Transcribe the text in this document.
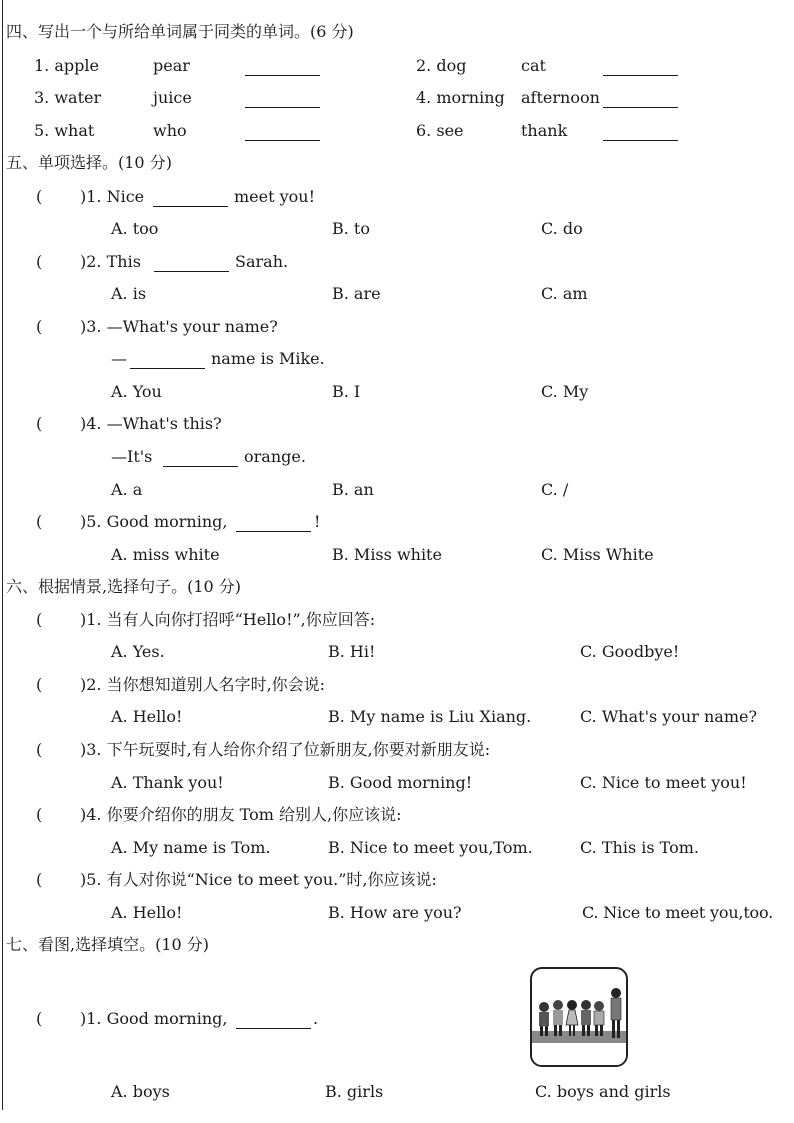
四、写出一个与所给单词属于同类的单词。(6 分)
1. apple	pear	2. dog	cat
3. water	juice	4. morning afternoon
5. what	who	6. see	thank
五、单项选择。(10 分)
( )1. Nice	meet you!
A. too	B. to	C. do
( )2. This	Sarah.
A. is	B. are	C. am
( )3. —What's your name?
—	name is Mike.
A. You	B. I	C. My
( )4. —What's this?
—It's	orange.
A. a	B. an	C. /
( )5. Good morning,	!
A. miss white	B. Miss white	C. Miss White
六、根据情景,选择句子。(10 分)
( )1. 当有人向你打招呼“Hello!”,你应回答:
A. Yes.	B. Hi!	C. Goodbye!
( )2. 当你想知道别人名字时,你会说:
A. Hello!	B. My name is Liu Xiang.	C. What's your name?
( )3. 下午玩耍时,有人给你介绍了位新朋友,你要对新朋友说:
A. Thank you!	B. Good morning!	C. Nice to meet you!
( )4. 你要介绍你的朋友 Tom 给别人,你应该说:
A. My name is Tom.	B. Nice to meet you,Tom.	C. This is Tom.
( )5. 有人对你说“Nice to meet you.”时,你应该说:
A. Hello!	B. How are you?	C. Nice to meet you,too.
七、看图,选择填空。(10 分)
( )1. Good morning,	.
A. boys	B. girls	C. boys and girls
